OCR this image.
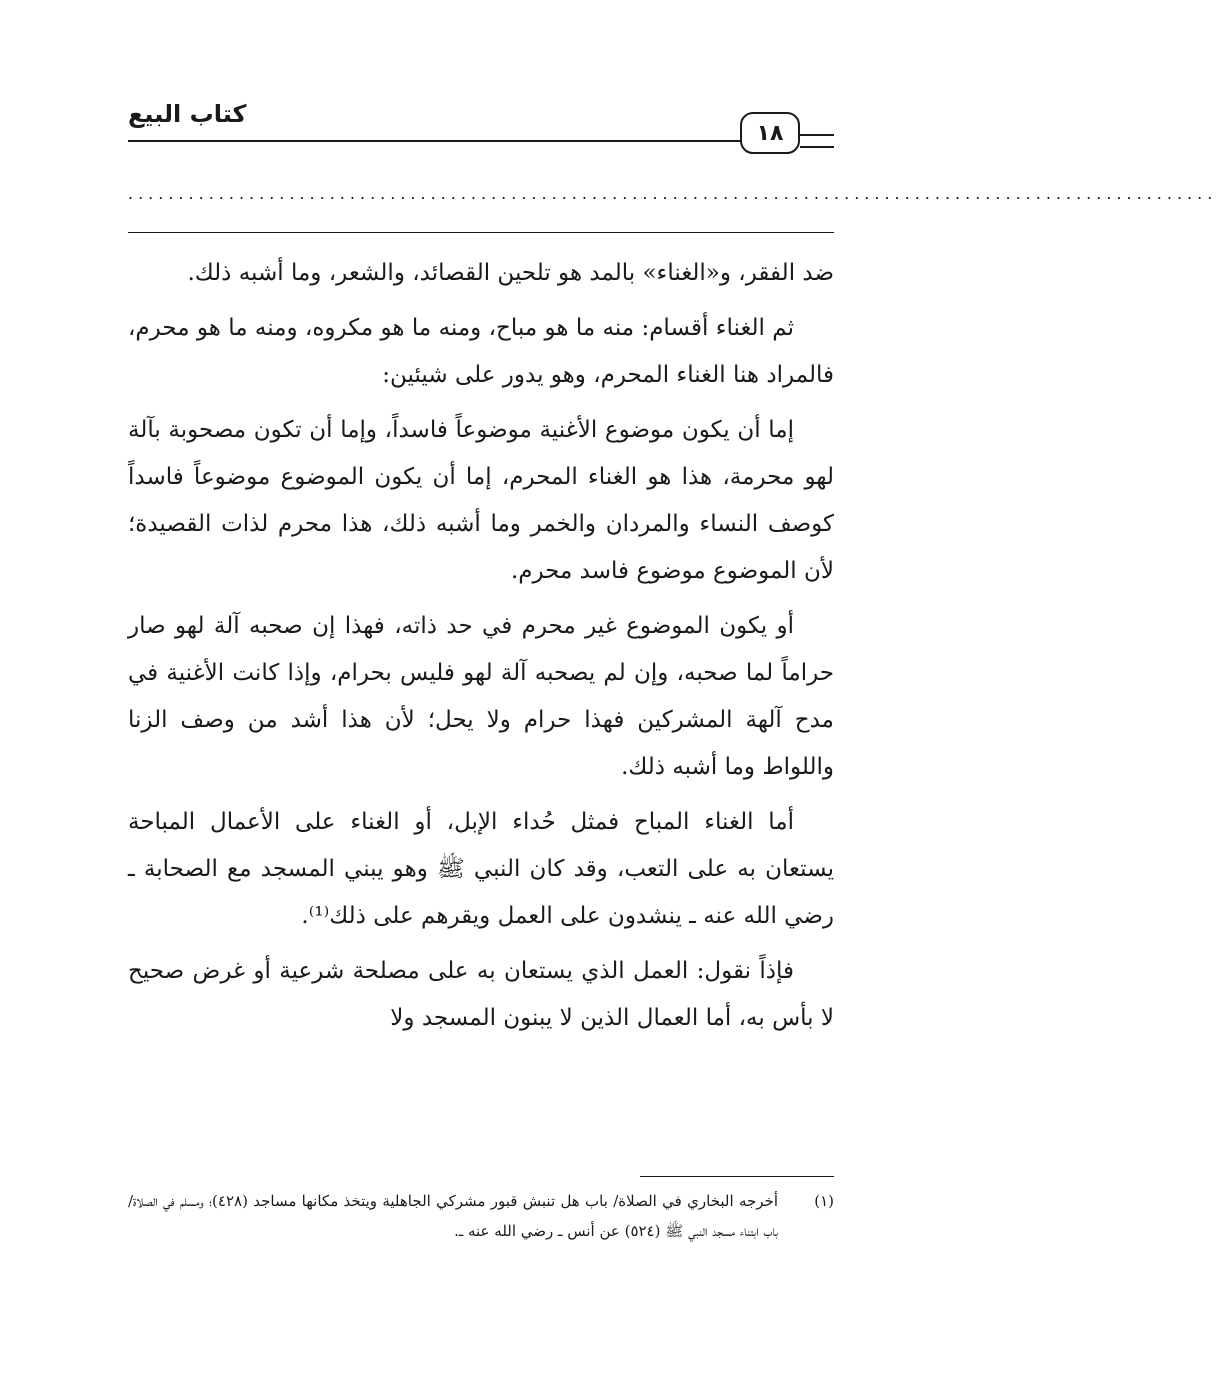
كتاب البيع
١٨
............................................................................................................

ضد الفقر، و«الغناء» بالمد هو تلحين القصائد، والشعر، وما أشبه ذلك.

ثم الغناء أقسام: منه ما هو مباح، ومنه ما هو مكروه، ومنه ما هو محرم، فالمراد هنا الغناء المحرم، وهو يدور على شيئين:

إما أن يكون موضوع الأغنية موضوعاً فاسداً، وإما أن تكون مصحوبة بآلة لهو محرمة، هذا هو الغناء المحرم، إما أن يكون الموضوع موضوعاً فاسداً كوصف النساء والمردان والخمر وما أشبه ذلك، هذا محرم لذات القصيدة؛ لأن الموضوع موضوع فاسد محرم.

أو يكون الموضوع غير محرم في حد ذاته، فهذا إن صحبه آلة لهو صار حراماً لما صحبه، وإن لم يصحبه آلة لهو فليس بحرام، وإذا كانت الأغنية في مدح آلهة المشركين فهذا حرام ولا يحل؛ لأن هذا أشد من وصف الزنا واللواط وما أشبه ذلك.

أما الغناء المباح فمثل حُداء الإبل، أو الغناء على الأعمال المباحة يستعان به على التعب، وقد كان النبي ﷺ وهو يبني المسجد مع الصحابة ـ رضي الله عنه ـ ينشدون على العمل ويقرهم على ذلك⁽¹⁾.

فإذاً نقول: العمل الذي يستعان به على مصلحة شرعية أو غرض صحيح لا بأس به، أما العمال الذين لا يبنون المسجد ولا

(١)
أخرجه البخاري في الصلاة/ باب هل تنبش قبور مشركي الجاهلية ويتخذ مكانها مساجد (٤٢٨)؛ ومسلم في الصلاة/ باب ابتناء مسجد النبي ﷺ (٥٢٤) عن أنس ـ رضي الله عنه ـ.
